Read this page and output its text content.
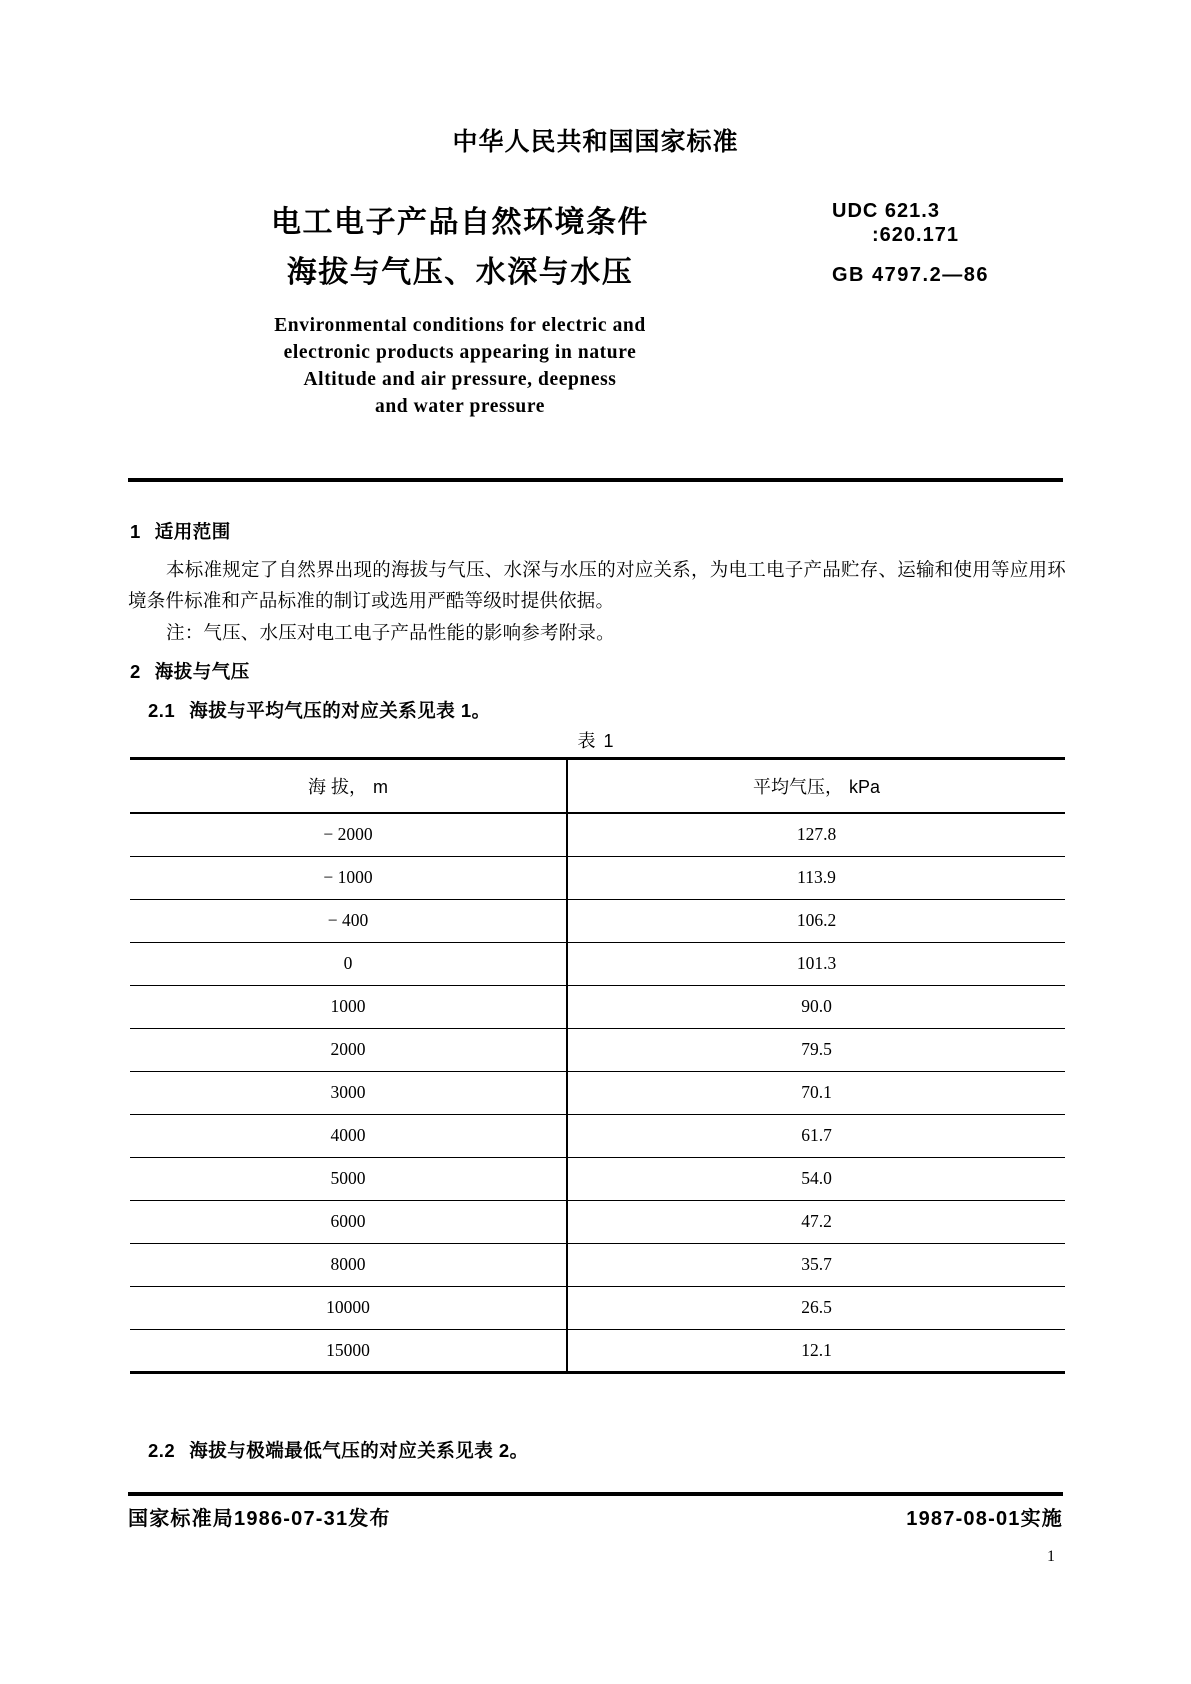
中华人民共和国国家标准
电工电子产品自然环境条件
海拔与气压、水深与水压
UDC 621.3
:620.171
GB 4797.2—86
Environmental conditions for electric and
electronic products appearing in nature
Altitude and air pressure, deepness
and water pressure
1 适用范围
本标准规定了自然界出现的海拔与气压、水深与水压的对应关系，为电工电子产品贮存、运输和使用等应用环境条件标准和产品标准的制订或选用严酷等级时提供依据。
注：气压、水压对电工电子产品性能的影响参考附录。
2 海拔与气压
2.1 海拔与平均气压的对应关系见表 1。
表 1
海 拔， m	平均气压， kPa
− 2000	127.8
− 1000	113.9
− 400	106.2
0	101.3
1000	90.0
2000	79.5
3000	70.1
4000	61.7
5000	54.0
6000	47.2
8000	35.7
10000	26.5
15000	12.1
2.2 海拔与极端最低气压的对应关系见表 2。
国家标准局1986-07-31发布	1987-08-01实施
1
